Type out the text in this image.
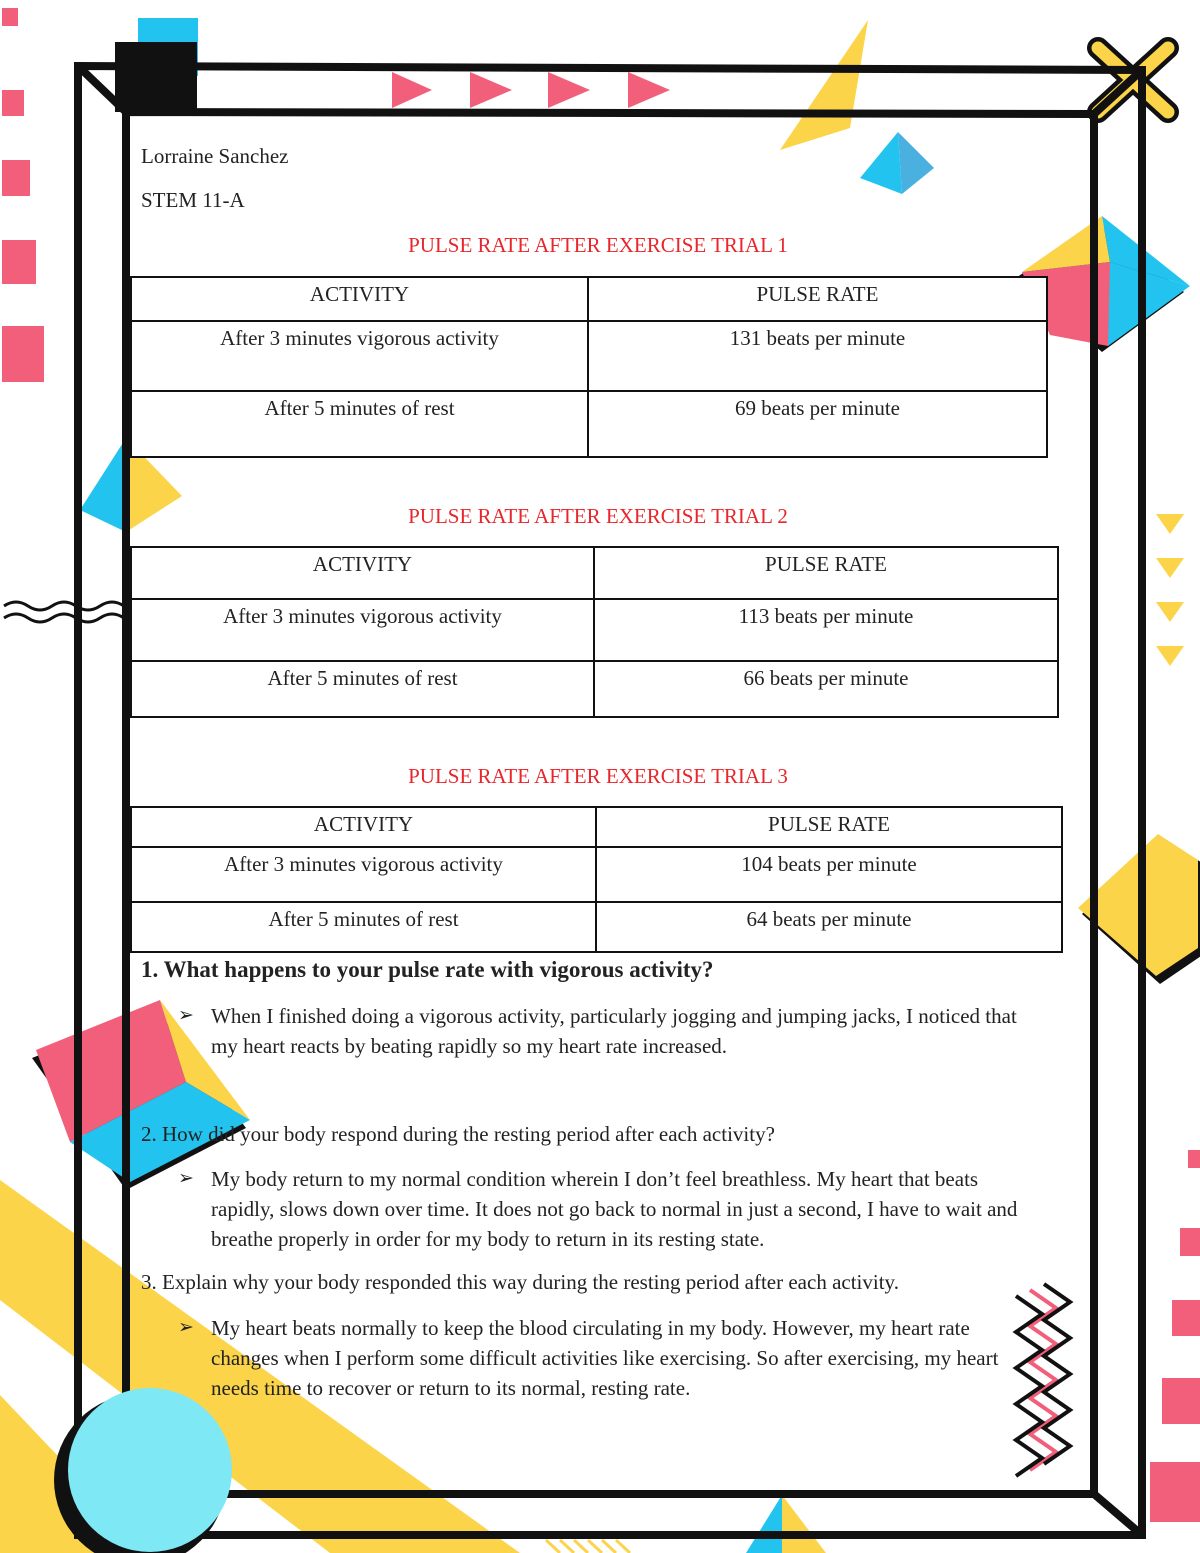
Lorraine Sanchez
STEM 11-A
PULSE RATE AFTER EXERCISE TRIAL 1
ACTIVITY	PULSE RATE
After 3 minutes vigorous activity	131 beats per minute
After 5 minutes of rest	69 beats per minute
PULSE RATE AFTER EXERCISE TRIAL 2
ACTIVITY	PULSE RATE
After 3 minutes vigorous activity	113 beats per minute
After 5 minutes of rest	66 beats per minute
PULSE RATE AFTER EXERCISE TRIAL 3
ACTIVITY	PULSE RATE
After 3 minutes vigorous activity	104 beats per minute
After 5 minutes of rest	64 beats per minute
1. What happens to your pulse rate with vigorous activity?
➢ When I finished doing a vigorous activity, particularly jogging and jumping jacks, I noticed that my heart reacts by beating rapidly so my heart rate increased.
2. How did your body respond during the resting period after each activity?
➢ My body return to my normal condition wherein I don’t feel breathless. My heart that beats rapidly, slows down over time. It does not go back to normal in just a second, I have to wait and breathe properly in order for my body to return in its resting state.
3. Explain why your body responded this way during the resting period after each activity.
➢ My heart beats normally to keep the blood circulating in my body. However, my heart rate changes when I perform some difficult activities like exercising. So after exercising, my heart needs time to recover or return to its normal, resting rate.
